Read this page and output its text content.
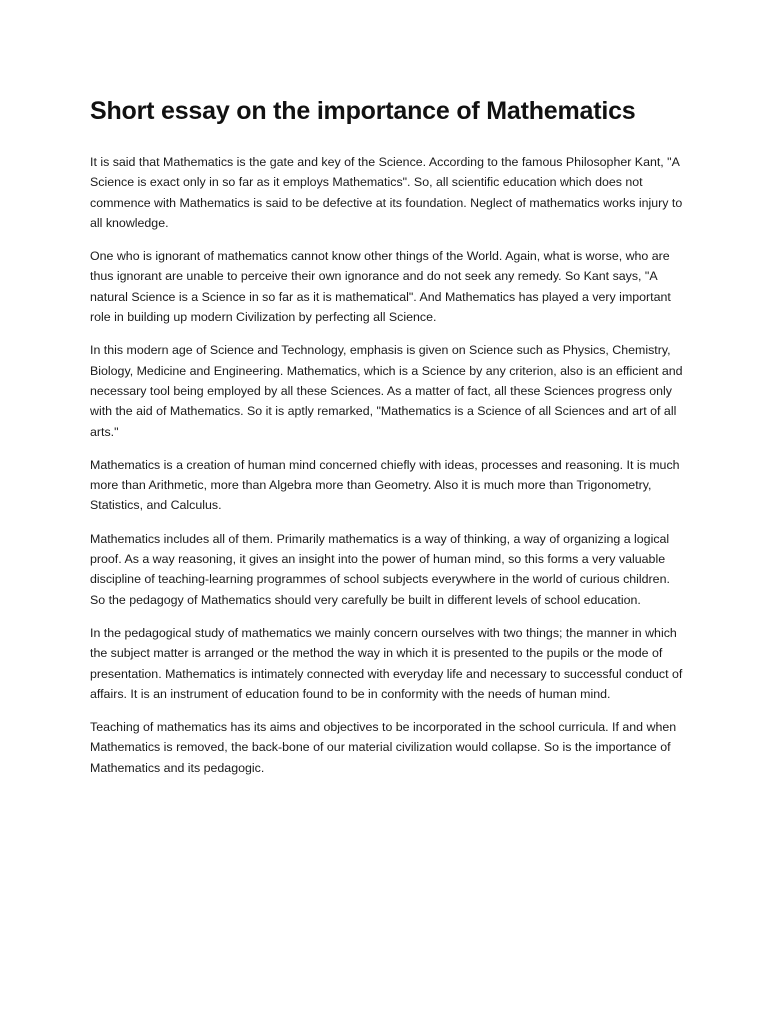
Short essay on the importance of Mathematics

It is said that Mathematics is the gate and key of the Science. According to the famous Philosopher Kant, "A Science is exact only in so far as it employs Mathematics". So, all scientific education which does not commence with Mathematics is said to be defective at its foundation. Neglect of mathematics works injury to all knowledge.

One who is ignorant of mathematics cannot know other things of the World. Again, what is worse, who are thus ignorant are unable to perceive their own ignorance and do not seek any remedy. So Kant says, "A natural Science is a Science in so far as it is mathematical". And Mathematics has played a very important role in building up modern Civilization by perfecting all Science.

In this modern age of Science and Technology, emphasis is given on Science such as Physics, Chemistry, Biology, Medicine and Engineering. Mathematics, which is a Science by any criterion, also is an efficient and necessary tool being employed by all these Sciences. As a matter of fact, all these Sciences progress only with the aid of Mathematics. So it is aptly remarked, "Mathematics is a Science of all Sciences and art of all arts."

Mathematics is a creation of human mind concerned chiefly with ideas, processes and reasoning. It is much more than Arithmetic, more than Algebra more than Geometry. Also it is much more than Trigonometry, Statistics, and Calculus.

Mathematics includes all of them. Primarily mathematics is a way of thinking, a way of organizing a logical proof. As a way reasoning, it gives an insight into the power of human mind, so this forms a very valuable discipline of teaching-learning programmes of school subjects everywhere in the world of curious children. So the pedagogy of Mathematics should very carefully be built in different levels of school education.

In the pedagogical study of mathematics we mainly concern ourselves with two things; the manner in which the subject matter is arranged or the method the way in which it is presented to the pupils or the mode of presentation. Mathematics is intimately connected with everyday life and necessary to successful conduct of affairs. It is an instrument of education found to be in conformity with the needs of human mind.

Teaching of mathematics has its aims and objectives to be incorporated in the school curricula. If and when Mathematics is removed, the back-bone of our material civilization would collapse. So is the importance of Mathematics and its pedagogic.
